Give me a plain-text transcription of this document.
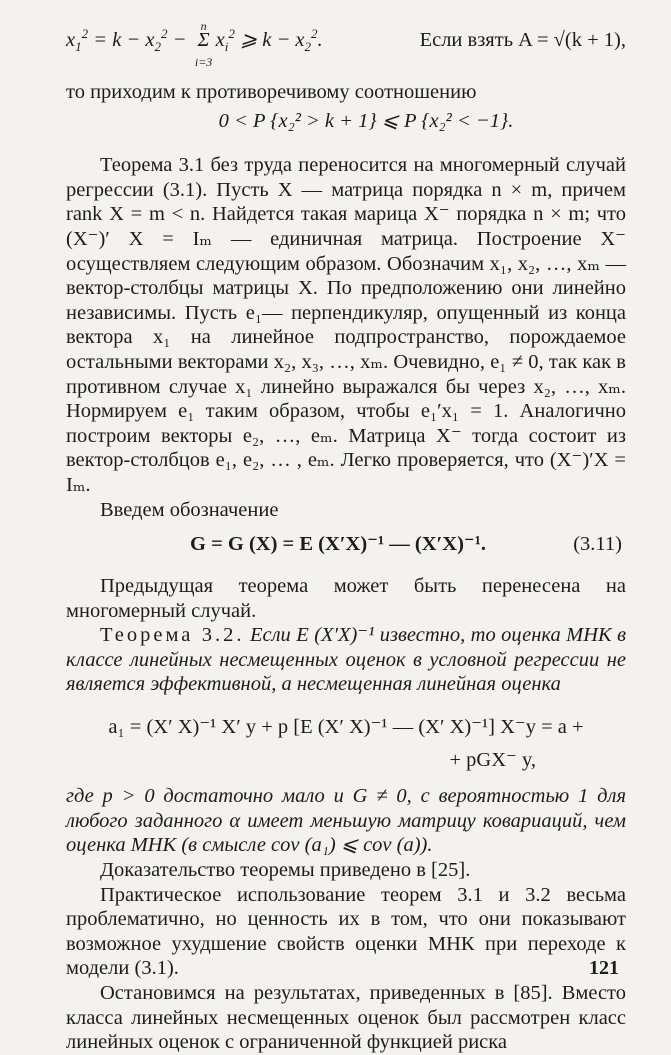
$x_1^2 = k - x_2^2 - \Sigma$
n
i=3
$x_i^2$ ⩾ $k - x_2^2$.	Если взять A = √(k + 1),

то приходим к противоречивому соотношению

0 < P {x₂² > k + 1} ⩽ P {x₂² < −1}.

Теорема 3.1 без труда переносится на многомерный случай регрессии (3.1). Пусть X — матрица порядка n × m, причем rank X = m < n. Найдется такая марица X⁻ порядка n × m; что (X⁻)′ X = Iₘ — единичная матрица. Построение X⁻ осуществляем следующим образом. Обозначим x₁, x₂, …, xₘ — вектор-столбцы матрицы X. По предположению они линейно независимы. Пусть e₁— перпендикуляр, опущенный из конца вектора x₁ на линейное подпространство, порождаемое остальными векторами x₂, x₃, …, xₘ. Очевидно, e₁ ≠ 0, так как в противном случае x₁ линейно выражался бы через x₂, …, xₘ. Нормируем e₁ таким образом, чтобы e₁′x₁ = 1. Аналогично построим векторы e₂, …, eₘ. Матрица X⁻ тогда состоит из вектор-столбцов e₁, e₂, … , eₘ. Легко проверяется, что (X⁻)′X = Iₘ.

Введем обозначение

G = G (X) = E (X′X)⁻¹ — (X′X)⁻¹.	(3.11)

Предыдущая теорема может быть перенесена на многомерный случай.

Теорема 3.2. Если E (X′X)⁻¹ известно, то оценка МНК в классе линейных несмещенных оценок в условной регрессии не является эффективной, а несмещенная линейная оценка

a₁ = (X′ X)⁻¹ X′ y + p [E (X′ X)⁻¹ — (X′ X)⁻¹] X⁻y = a +
+ pGX⁻ y,

где p > 0 достаточно мало и G ≠ 0, с вероятностью 1 для любого заданного α имеет меньшую матрицу ковариаций, чем оценка МНК (в смысле cov (a₁) ⩽ cov (a)).

Доказательство теоремы приведено в [25].

Практическое использование теорем 3.1 и 3.2 весьма проблематично, но ценность их в том, что они показывают возможное ухудшение свойств оценки МНК при переходе к модели (3.1).

Остановимся на результатах, приведенных в [85]. Вместо класса линейных несмещенных оценок был рассмотрен класс линейных оценок с ограниченной функцией риска

121
